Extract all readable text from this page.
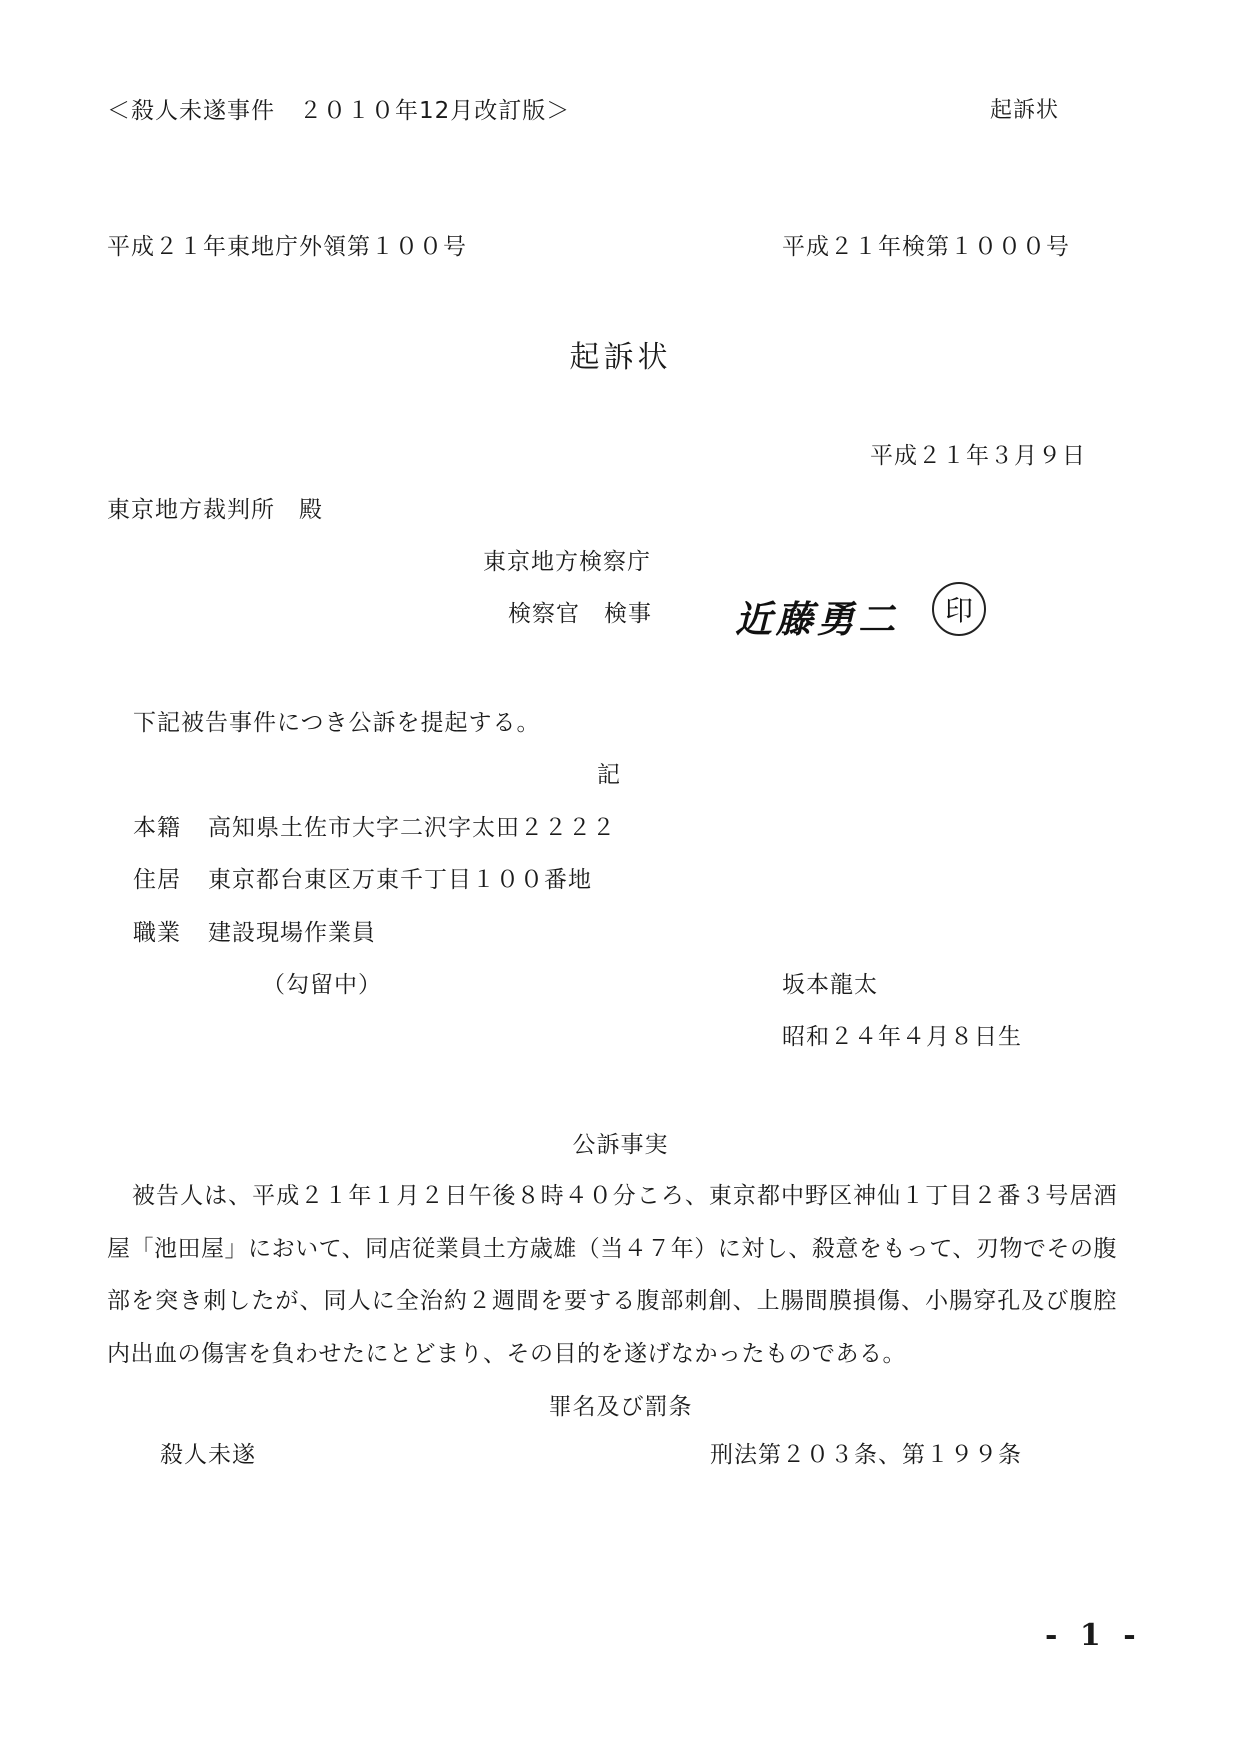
＜殺人未遂事件　２０１０年12月改訂版＞	起訴状
平成２１年東地庁外領第１００号	平成２１年検第１０００号
起訴状
平成２１年３月９日
東京地方裁判所　殿
東京地方検察庁
検察官　検事 近藤勇二	印
下記被告事件につき公訴を提起する。
記
本籍 高知県土佐市大字二沢字太田２２２２
住居 東京都台東区万東千丁目１００番地
職業 建設現場作業員
（勾留中）	坂本龍太
昭和２４年４月８日生
公訴事実
被告人は、平成２１年１月２日午後８時４０分ころ、東京都中野区神仙１丁目２番３号居酒屋「池田屋」において、同店従業員土方歳雄（当４７年）に対し、殺意をもって、刃物でその腹部を突き刺したが、同人に全治約２週間を要する腹部刺創、上腸間膜損傷、小腸穿孔及び腹腔内出血の傷害を負わせたにとどまり、その目的を遂げなかったものである。
罪名及び罰条
殺人未遂	刑法第２０３条、第１９９条
- 1 -
